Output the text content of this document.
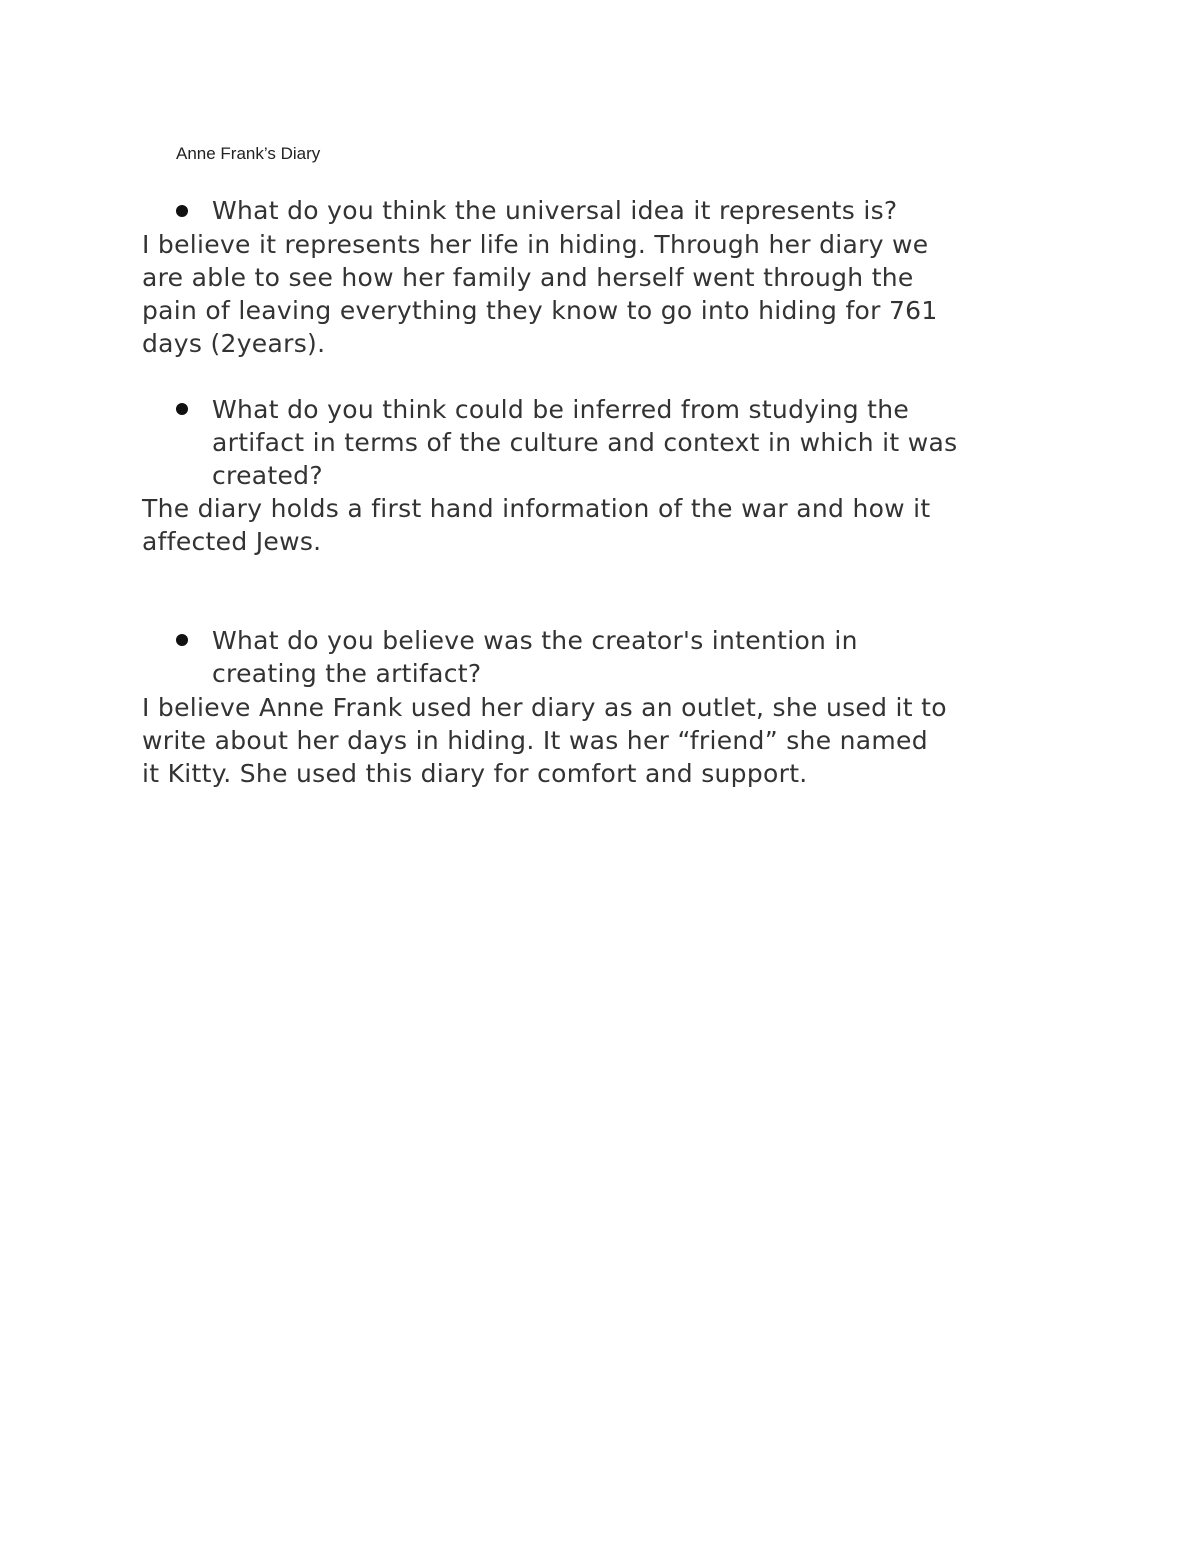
Anne Frank’s Diary
What do you think the universal idea it represents is?
I believe it represents her life in hiding. Through her diary we
are able to see how her family and herself went through the
pain of leaving everything they know to go into hiding for 761
days (2years).
What do you think could be inferred from studying the
artifact in terms of the culture and context in which it was
created?
The diary holds a first hand information of the war and how it
affected Jews.
What do you believe was the creator's intention in
creating the artifact?
I believe Anne Frank used her diary as an outlet, she used it to
write about her days in hiding. It was her “friend” she named
it Kitty. She used this diary for comfort and support.
